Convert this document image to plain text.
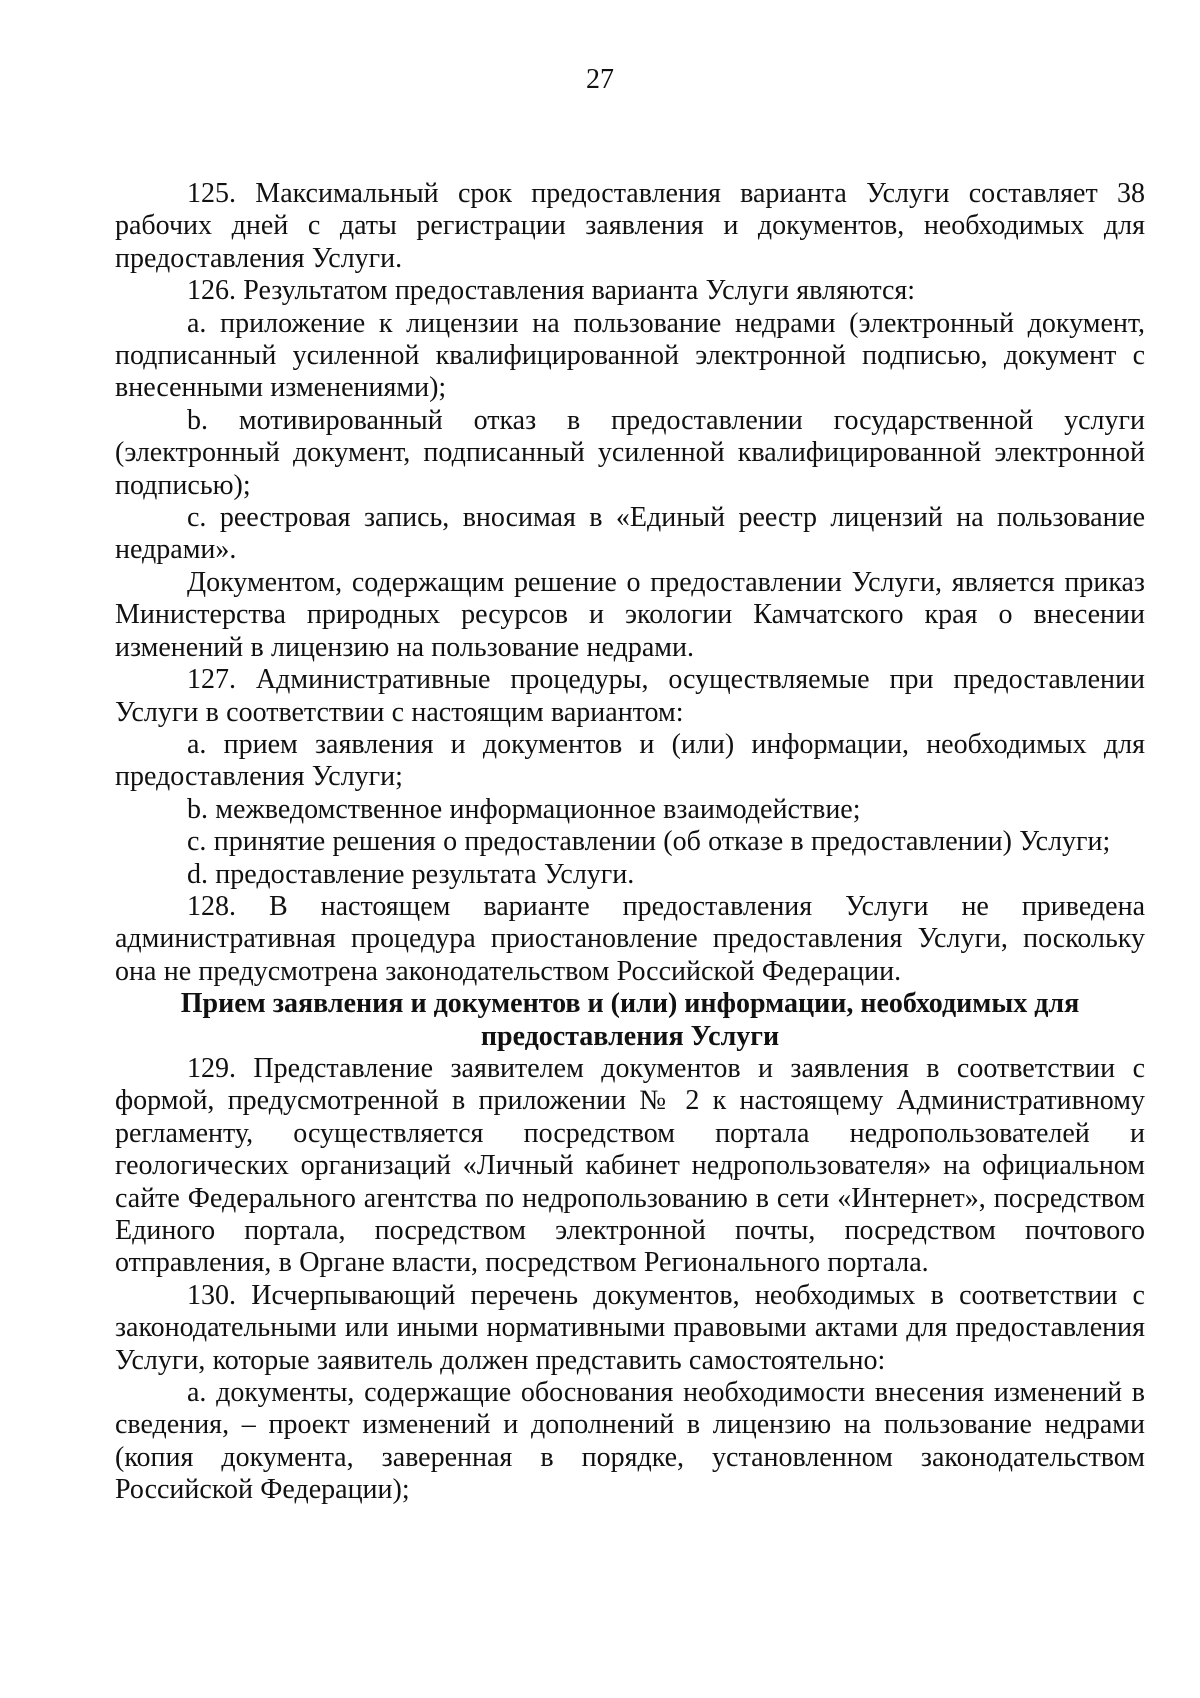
27

125. Максимальный срок предоставления варианта Услуги составляет 38 рабочих дней с даты регистрации заявления и документов, необходимых для предоставления Услуги.

126. Результатом предоставления варианта Услуги являются:

a. приложение к лицензии на пользование недрами (электронный документ, подписанный усиленной квалифицированной электронной подписью, документ с внесенными изменениями);

b. мотивированный отказ в предоставлении государственной услуги (электронный документ, подписанный усиленной квалифицированной электронной подписью);

c. реестровая запись, вносимая в «Единый реестр лицензий на пользование недрами».

Документом, содержащим решение о предоставлении Услуги, является приказ Министерства природных ресурсов и экологии Камчатского края о внесении изменений в лицензию на пользование недрами.

127. Административные процедуры, осуществляемые при предоставлении Услуги в соответствии с настоящим вариантом:

a. прием заявления и документов и (или) информации, необходимых для предоставления Услуги;

b. межведомственное информационное взаимодействие;

c. принятие решения о предоставлении (об отказе в предоставлении) Услуги;

d. предоставление результата Услуги.

128. В настоящем варианте предоставления Услуги не приведена административная процедура приостановление предоставления Услуги, поскольку она не предусмотрена законодательством Российской Федерации.

Прием заявления и документов и (или) информации, необходимых для предоставления Услуги

129. Представление заявителем документов и заявления в соответствии с формой, предусмотренной в приложении № 2 к настоящему Административному регламенту, осуществляется посредством портала недропользователей и геологических организаций «Личный кабинет недропользователя» на официальном сайте Федерального агентства по недропользованию в сети «Интернет», посредством Единого портала, посредством электронной почты, посредством почтового отправления, в Органе власти, посредством Регионального портала.

130. Исчерпывающий перечень документов, необходимых в соответствии с законодательными или иными нормативными правовыми актами для предоставления Услуги, которые заявитель должен представить самостоятельно:

a. документы, содержащие обоснования необходимости внесения изменений в сведения, – проект изменений и дополнений в лицензию на пользование недрами (копия документа, заверенная в порядке, установленном законодательством Российской Федерации);
